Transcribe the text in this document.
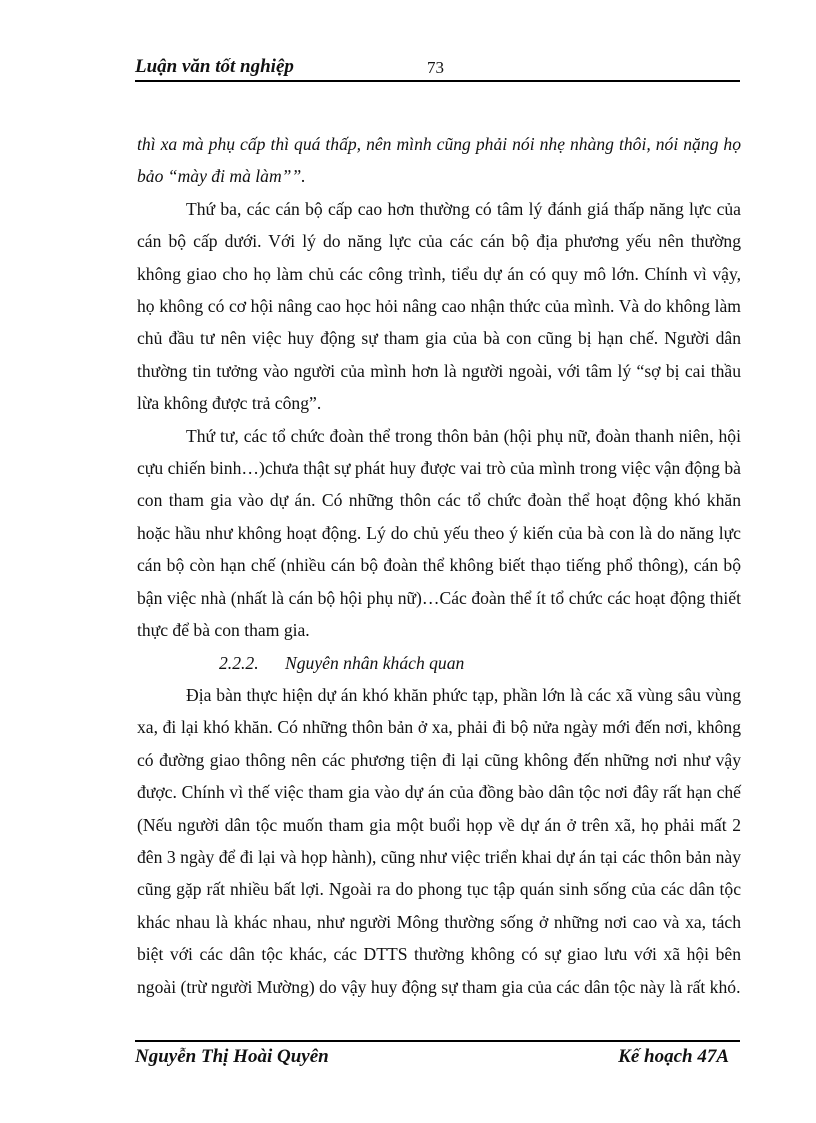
Luận văn tốt nghiệp	73

thì xa mà phụ cấp thì quá thấp, nên mình cũng phải nói nhẹ nhàng thôi, nói nặng họ bảo “mày đi mà làm””.

Thứ ba, các cán bộ cấp cao hơn thường có tâm lý đánh giá thấp năng lực của cán bộ cấp dưới. Với lý do năng lực của các cán bộ địa phương yếu nên thường không giao cho họ làm chủ các công trình, tiểu dự án có quy mô lớn. Chính vì vậy, họ không có cơ hội nâng cao học hỏi nâng cao nhận thức của mình. Và do không làm chủ đầu tư nên việc huy động sự tham gia của bà con cũng bị hạn chế. Người dân thường tin tưởng vào người của mình hơn là người ngoài, với tâm lý “sợ bị cai thầu lừa không được trả công”.

Thứ tư, các tổ chức đoàn thể trong thôn bản (hội phụ nữ, đoàn thanh niên, hội cựu chiến binh…)chưa thật sự phát huy được vai trò của mình trong việc vận động bà con tham gia vào dự án. Có những thôn các tổ chức đoàn thể hoạt động khó khăn hoặc hầu như không hoạt động. Lý do chủ yếu theo ý kiến của bà con là do năng lực cán bộ còn hạn chế (nhiều cán bộ đoàn thể không biết thạo tiếng phổ thông), cán bộ bận việc nhà (nhất là cán bộ hội phụ nữ)…Các đoàn thể ít tổ chức các hoạt động thiết thực để bà con tham gia.

2.2.2. Nguyên nhân khách quan

Địa bàn thực hiện dự án khó khăn phức tạp, phần lớn là các xã vùng sâu vùng xa, đi lại khó khăn. Có những thôn bản ở xa, phải đi bộ nửa ngày mới đến nơi, không có đường giao thông nên các phương tiện đi lại cũng không đến những nơi như vậy được. Chính vì thế việc tham gia vào dự án của đồng bào dân tộc nơi đây rất hạn chế (Nếu người dân tộc muốn tham gia một buổi họp về dự án ở trên xã, họ phải mất 2 đên 3 ngày để đi lại và họp hành), cũng như việc triển khai dự án tại các thôn bản này cũng gặp rất nhiều bất lợi. Ngoài ra do phong tục tập quán sinh sống của các dân tộc khác nhau là khác nhau, như người Mông thường sống ở những nơi cao và xa, tách biệt với các dân tộc khác, các DTTS thường không có sự giao lưu với xã hội bên ngoài (trừ người Mường) do vậy huy động sự tham gia của các dân tộc này là rất khó.

Nguyễn Thị Hoài Quyên	Kế hoạch 47A
